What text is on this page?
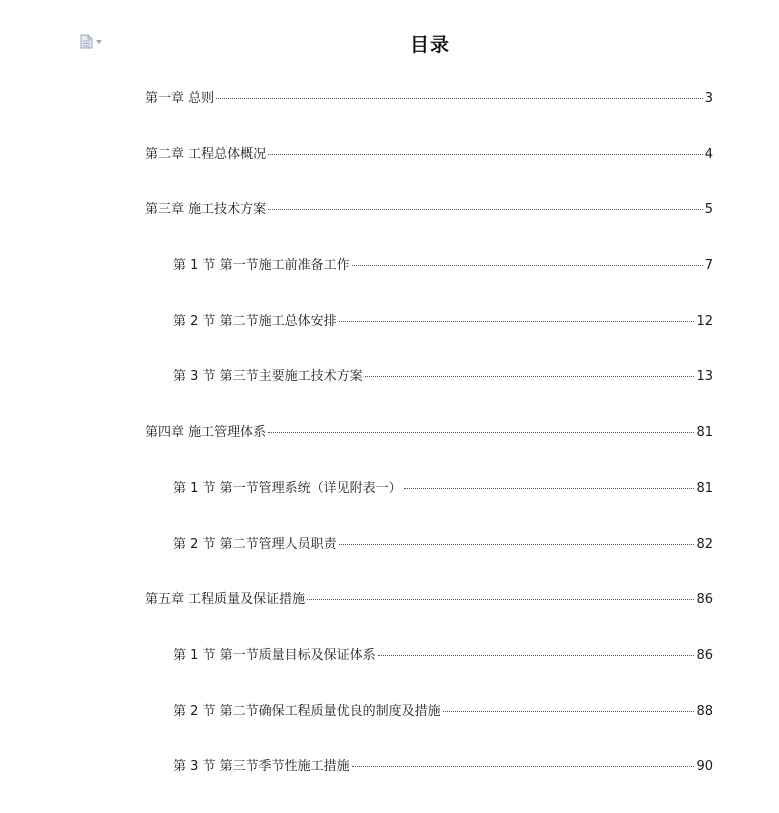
目录
第一章 总则	3
第二章 工程总体概况	4
第三章 施工技术方案	5
第 1 节 第一节施工前准备工作	7
第 2 节 第二节施工总体安排	12
第 3 节 第三节主要施工技术方案	13
第四章 施工管理体系	81
第 1 节 第一节管理系统（详见附表一）	81
第 2 节 第二节管理人员职责	82
第五章 工程质量及保证措施	86
第 1 节 第一节质量目标及保证体系	86
第 2 节 第二节确保工程质量优良的制度及措施	88
第 3 节 第三节季节性施工措施	90
